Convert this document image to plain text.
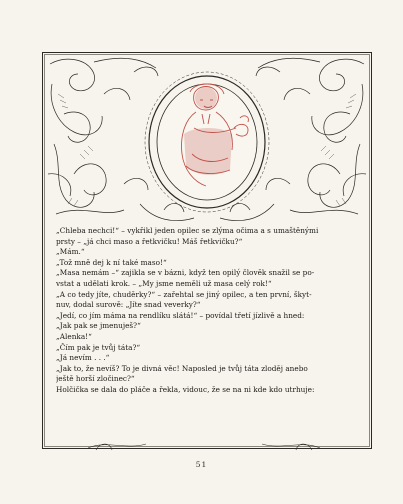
„Chleba nechci!“ – vykřikl jeden opilec se zlýma očima a s umaštěnými

prsty – „já chci maso a řetkvičku! Máš řetkvičku?“

„Mám.“

„Tož mně dej k ní také maso!“

„Masa nemám –“ zajikla se v bázni, když ten opilý člověk snažil se po-

vstat a udělati krok. – „My jsme neměli už masa celý rok!“

„A co tedy jíte, chuděrky?“ – zařehtal se jiný opilec, a ten první, škyt-

nuv, dodal surově: „Jíte snad veverky?“

„Jedí, co jím mámа na rendlíku slátá!“ – povídal třetí jízlivě a hned:

„Jak pak se jmenuješ?“

„Alenka!“

„Čím pak je tvůj táta?“

„Já nevím . . .“

„Jak to, že nevíš? To je divná věc! Naposled je tvůj táta zloděj anebo

ještě horší zločinec?“

Holčička se dala do pláče a řekla, vidouc, že se na ni kde kdo utrhuje:

51
